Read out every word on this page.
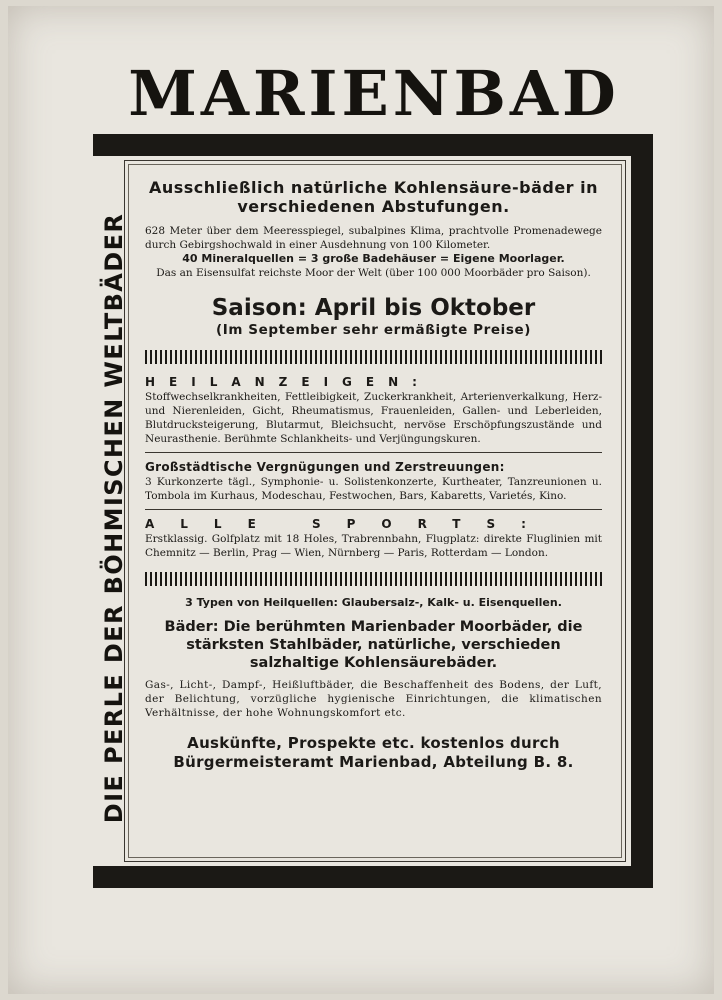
MARIENBAD
DIE PERLE DER BÖHMISCHEN WELTBÄDER
Ausschließlich natürliche Kohlensäure-bäder in verschiedenen Abstufungen.
628 Meter über dem Meeresspiegel, subalpines Klima, prachtvolle Promenadewege durch Gebirgshochwald in einer Ausdehnung von 100 Kilometer.
40 Mineralquellen = 3 große Badehäuser = Eigene Moorlager.
Das an Eisensulfat reichste Moor der Welt (über 100 000 Moorbäder pro Saison).
Saison: April bis Oktober
(Im September sehr ermäßigte Preise)
HEILANZEIGEN:
Stoffwechselkrankheiten, Fettleibigkeit, Zuckerkrankheit, Arterienverkalkung, Herz- und Nierenleiden, Gicht, Rheumatismus, Frauenleiden, Gallen- und Leberleiden, Blutdrucksteigerung, Blutarmut, Bleichsucht, nervöse Erschöpfungszustände und Neurasthenie. Berühmte Schlankheits- und Verjüngungskuren.
Großstädtische Vergnügungen und Zerstreuungen:
3 Kurkonzerte tägl., Symphonie- u. Solistenkonzerte, Kurtheater, Tanzreunionen u. Tombola im Kurhaus, Modeschau, Festwochen, Bars, Kabaretts, Varietés, Kino.
ALLE SPORTS:
Erstklassig. Golfplatz mit 18 Holes, Trabrennbahn, Flugplatz: direkte Fluglinien mit Chemnitz — Berlin, Prag — Wien, Nürnberg — Paris, Rotterdam — London.
3 Typen von Heilquellen: Glaubersalz-, Kalk- u. Eisenquellen.
Bäder: Die berühmten Marienbader Moorbäder, die stärksten Stahlbäder, natürliche, verschieden salzhaltige Kohlensäurebäder.
Gas-, Licht-, Dampf-, Heißluftbäder, die Beschaffenheit des Bodens, der Luft, der Belichtung, vorzügliche hygienische Einrichtungen, die klimatischen Verhältnisse, der hohe Wohnungskomfort etc.
Auskünfte, Prospekte etc. kostenlos durch
Bürgermeisteramt Marienbad, Abteilung B. 8.
